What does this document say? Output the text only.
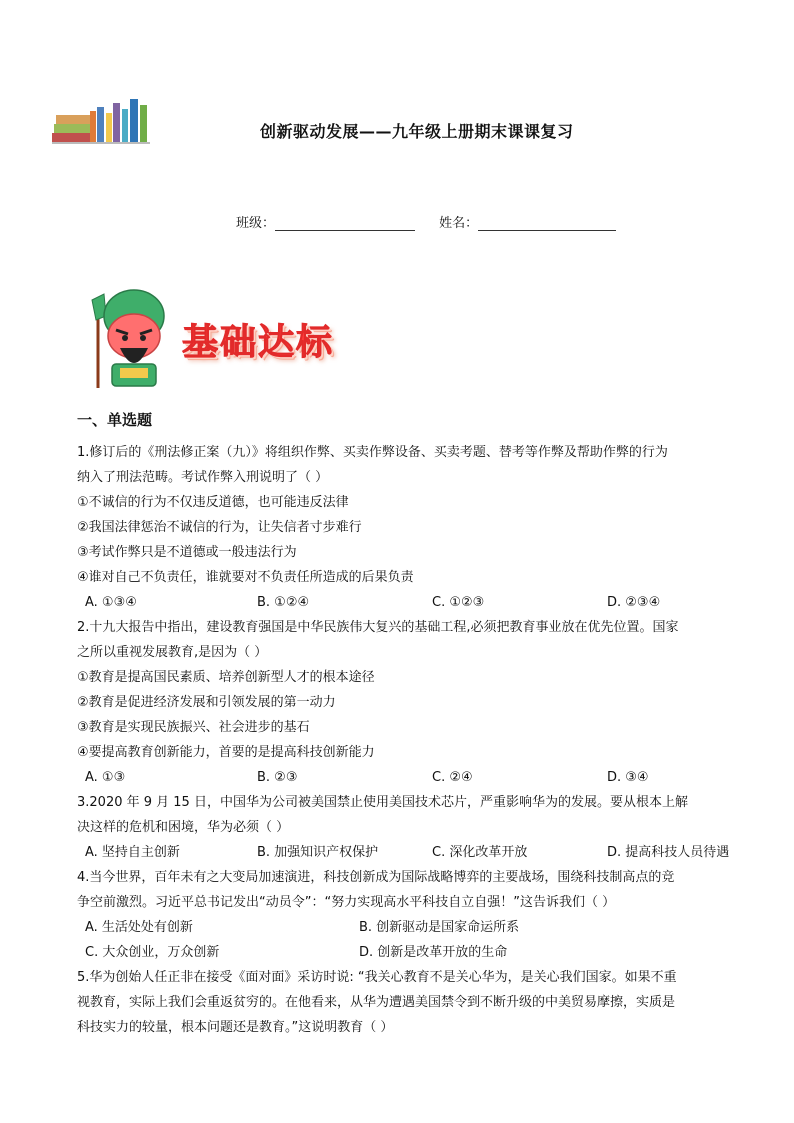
创新驱动发展——九年级上册期末课课复习
班级：	姓名：
基础达标
一、单选题
1.修订后的《刑法修正案（九）》将组织作弊、买卖作弊设备、买卖考题、替考等作弊及帮助作弊的行为
纳入了刑法范畴。考试作弊入刑说明了（ ）
①不诚信的行为不仅违反道德，也可能违反法律
②我国法律惩治不诚信的行为，让失信者寸步难行
③考试作弊只是不道德或一般违法行为
④谁对自己不负责任，谁就要对不负责任所造成的后果负责
A. ①③④	B. ①②④	C. ①②③	D. ②③④
2.十九大报告中指出，建设教育强国是中华民族伟大复兴的基础工程,必须把教育事业放在优先位置。国家
之所以重视发展教育,是因为（ ）
①教育是提高国民素质、培养创新型人才的根本途径
②教育是促进经济发展和引领发展的第一动力
③教育是实现民族振兴、社会进步的基石
④要提高教育创新能力，首要的是提高科技创新能力
A. ①③	B. ②③	C. ②④	D. ③④
3.2020 年 9 月 15 日，中国华为公司被美国禁止使用美国技术芯片，严重影响华为的发展。要从根本上解
决这样的危机和困境，华为必须（ ）
A. 坚持自主创新	B. 加强知识产权保护	C. 深化改革开放	D. 提高科技人员待遇
4.当今世界，百年未有之大变局加速演进，科技创新成为国际战略博弈的主要战场，围绕科技制高点的竞
争空前激烈。习近平总书记发出“动员令”：“努力实现高水平科技自立自强！”这告诉我们（ ）
A. 生活处处有创新	B. 创新驱动是国家命运所系
C. 大众创业，万众创新	D. 创新是改革开放的生命
5.华为创始人任正非在接受《面对面》采访时说: “我关心教育不是关心华为，是关心我们国家。如果不重
视教育，实际上我们会重返贫穷的。在他看来，从华为遭遇美国禁令到不断升级的中美贸易摩擦，实质是
科技实力的较量，根本问题还是教育。”这说明教育（ ）
